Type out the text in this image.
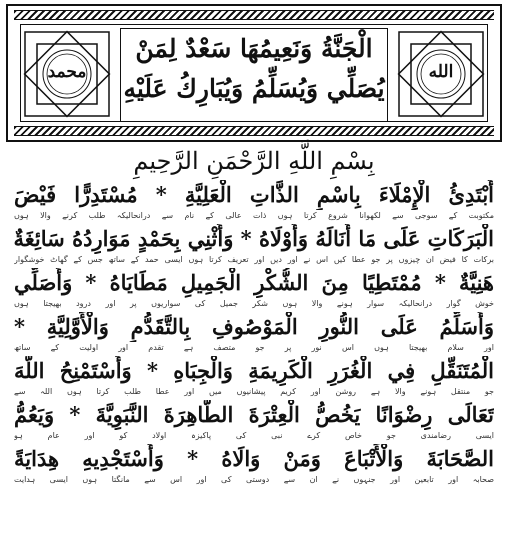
الله
الْجَنَّةُ وَنَعِيمُهَا سَعْدٌ لِمَنْ
يُصَلِّي وَيُسَلِّمُ وَيُبَارِكُ عَلَيْهِ
محمد
بِسْمِ اللَّهِ الرَّحْمَنِ الرَّحِيمِ
أَبْتَدِئُ الْإِمْلَاءَ بِاسْمِ الذَّاتِ الْعَلِيَّةِ * مُسْتَدِرًّا فَيْضَ
مکتوبت کے سوجی سے لکھوانا شروع کرتا ہوں ذات عالی کے نام سے درانحالیکہ طلب کرنے والا ہوں
الْبَرَكَاتِ عَلَى مَا أَنَالَهُ وَأَوْلَاهُ * وَأُثْنِي بِحَمْدٍ مَوَارِدُهُ سَائِغَةٌ
برکات کا فیض ان چیزوں پر جو عطا کیں اس نے اور دیں اور تعریف کرتا ہوں ایسی حمد کے ساتھ جس کے گھاٹ خوشگوار
هَنِيَّةٌ * مُمْتَطِيًا مِنَ الشُّكْرِ الْجَمِيلِ مَطَايَاهُ * وَأُصَلِّي
خوش گوار درانحالیکہ سوار ہونے والا ہوں شکر جمیل کی سواریوں پر اور درود بھیجتا ہوں
وَأُسَلِّمُ عَلَى النُّورِ الْمَوْصُوفِ بِالتَّقَدُّمِ وَالْأَوَّلِيَّةِ *
اور سلام بھیجتا ہوں اس نور پر جو متصف ہے تقدم اور اولیت کے ساتھ
الْمُتَنَقِّلِ فِي الْغُرَرِ الْكَرِيمَةِ وَالْجِبَاهِ * وَأَسْتَمْنِحُ اللَّهَ
جو منتقل ہونے والا ہے روشن اور کریم پیشانیوں میں اور عطا طلب کرتا ہوں اللہ سے
تَعَالَى رِضْوَانًا يَخُصُّ الْعِتْرَةَ الطَّاهِرَةَ النَّبَوِيَّةَ * وَيَعُمُّ
ایسی رضامندی جو خاص کرے نبی کی پاکیزہ اولاد کو اور عام ہو
الصَّحَابَةَ وَالْأَتْبَاعَ وَمَنْ وَالَاهُ * وَأَسْتَجْدِيهِ هِدَايَةً
صحابہ اور تابعین اور جنہوں نے ان سے دوستی کی اور اس سے مانگتا ہوں ایسی ہدایت
